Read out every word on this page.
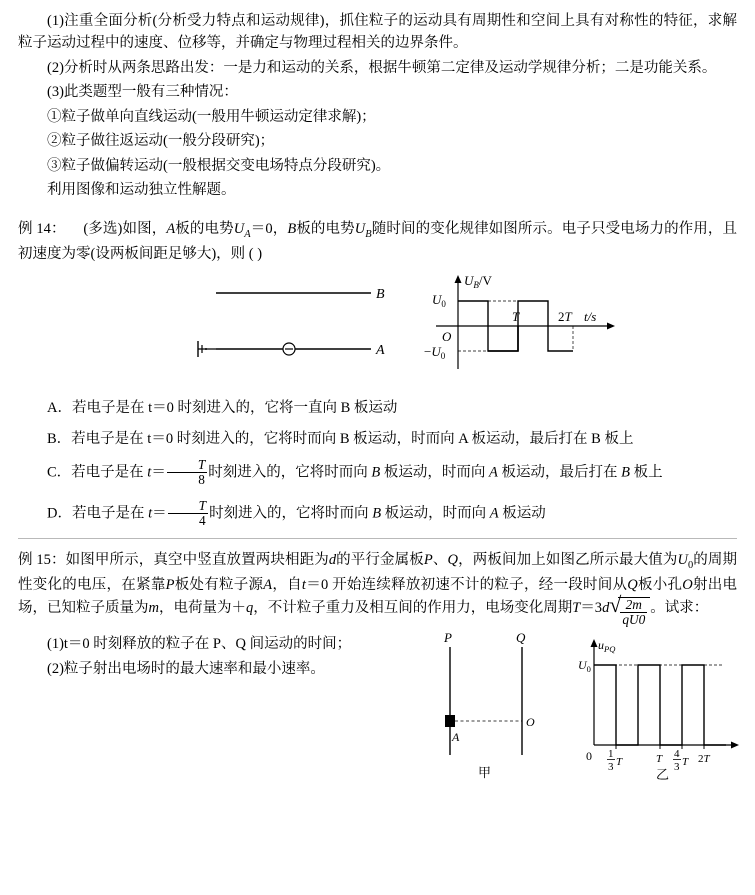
(1)注重全面分析(分析受力特点和运动规律)，抓住粒子的运动具有周期性和空间上具有对称性的特征，求解粒子运动过程中的速度、位移等，并确定与物理过程相关的边界条件。

(2)分析时从两条思路出发：一是力和运动的关系，根据牛顿第二定律及运动学规律分析；二是功能关系。

(3)此类题型一般有三种情况：

①粒子做单向直线运动(一般用牛顿运动定律求解)；

②粒子做往返运动(一般分段研究)；

③粒子做偏转运动(一般根据交变电场特点分段研究)。

利用图像和运动独立性解题。

例 14： (多选)如图，A板的电势$U_A=0$，B板的电势$U_B$随时间的变化规律如图所示。电子只受电场力的作用，且初速度为零(设两板间距足够大)，则 ( )

B
A
$U_B/V$
t/s
O
$U_0$
$-U_0$
T	2T

A．若电子是在 t＝0 时刻进入的，它将一直向 B 板运动

B．若电子是在 t＝0 时刻进入的，它将时而向 B 板运动，时而向 A 板运动，最后打在 B 板上

C．若电子是在 $t= \frac{T}{8}$ 时刻进入的，它将时而向 B 板运动，时而向 A 板运动，最后打在 B 板上

D．若电子是在 $t= \frac{T}{4}$ 时刻进入的，它将时而向 B 板运动，时而向 A 板运动

例 15：如图甲所示，真空中竖直放置两块相距为d的平行金属板P、Q，两板间加上如图乙所示最大值为$U_0$的周期性变化的电压，在紧靠P板处有粒子源A，自t＝0 开始连续释放初速不计的粒子，经一段时间从Q板小孔O射出电场，已知粒子质量为m，电荷量为＋q，不计粒子重力及相互间的作用力，电场变化周期T＝3d √ $\frac{2m}{qU0}$ 。试求：

(1)t＝0 时刻释放的粒子在 P、Q 间运动的时间；

(2)粒子射出电场时的最大速率和最小速率。

P	Q
A
O
甲
$u_{PQ}$
$U_0$
0 1
3 T	T 4
3 T 2T
乙
